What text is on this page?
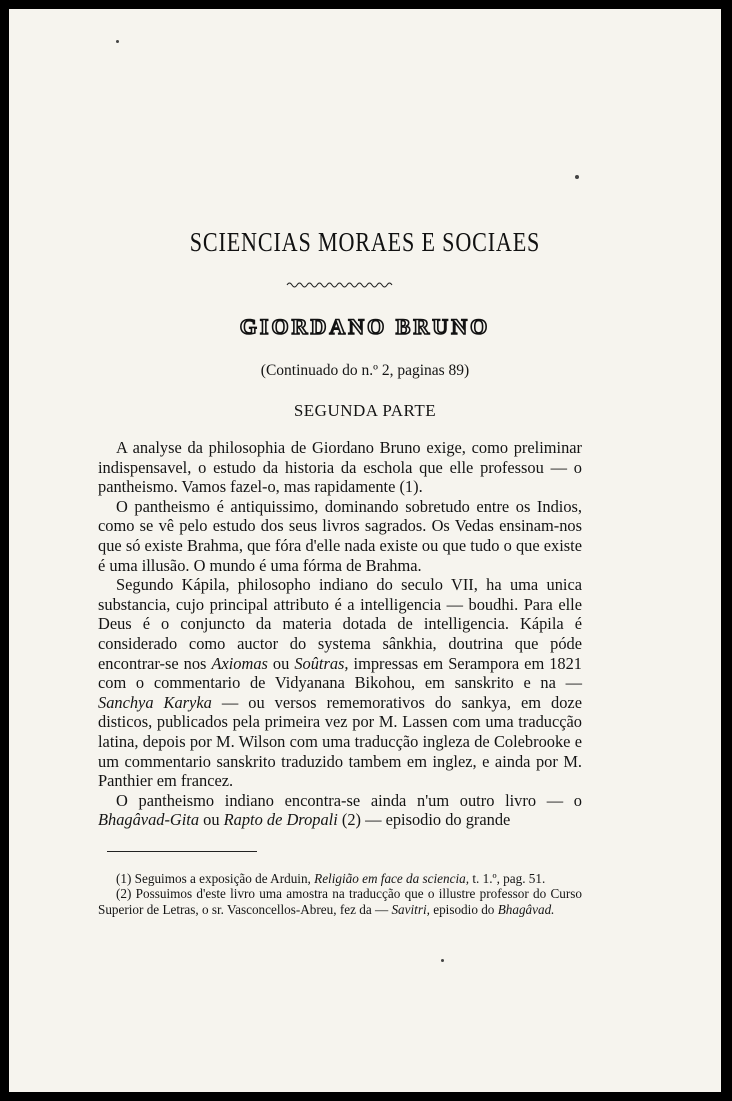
SCIENCIAS MORAES E SOCIAES
GIORDANO BRUNO
(Continuado do n.º 2, paginas 89)
SEGUNDA PARTE

A analyse da philosophia de Giordano Bruno exige, como preliminar indispensavel, o estudo da historia da eschola que elle professou — o pantheismo. Vamos fazel-o, mas rapidamente (1).

O pantheismo é antiquissimo, dominando sobretudo entre os Indios, como se vê pelo estudo dos seus livros sagrados. Os Vedas ensinam-nos que só existe Brahma, que fóra d'elle nada existe ou que tudo o que existe é uma illusão. O mundo é uma fórma de Brahma.

Segundo Kápila, philosopho indiano do seculo VII, ha uma unica substancia, cujo principal attributo é a intelligencia — boudhi. Para elle Deus é o conjuncto da materia dotada de intelligencia. Kápila é considerado como auctor do systema sânkhia, doutrina que póde encontrar-se nos Axiomas ou Soûtras, impressas em Serampora em 1821 com o commentario de Vidyanana Bikohou, em sanskrito e na — Sanchya Karyka — ou versos rememorativos do sankya, em doze disticos, publicados pela primeira vez por M. Lassen com uma traducção latina, depois por M. Wilson com uma traducção ingleza de Colebrooke e um commentario sanskrito traduzido tambem em inglez, e ainda por M. Panthier em francez.

O pantheismo indiano encontra-se ainda n'um outro livro — o Bhagâvad-Gita ou Rapto de Dropali (2) — episodio do grande

(1) Seguimos a exposição de Arduin, Religião em face da sciencia, t. 1.º, pag. 51.

(2) Possuimos d'este livro uma amostra na traducção que o illustre professor do Curso Superior de Letras, o sr. Vasconcellos-Abreu, fez da — Savitri, episodio do Bhagâvad.
